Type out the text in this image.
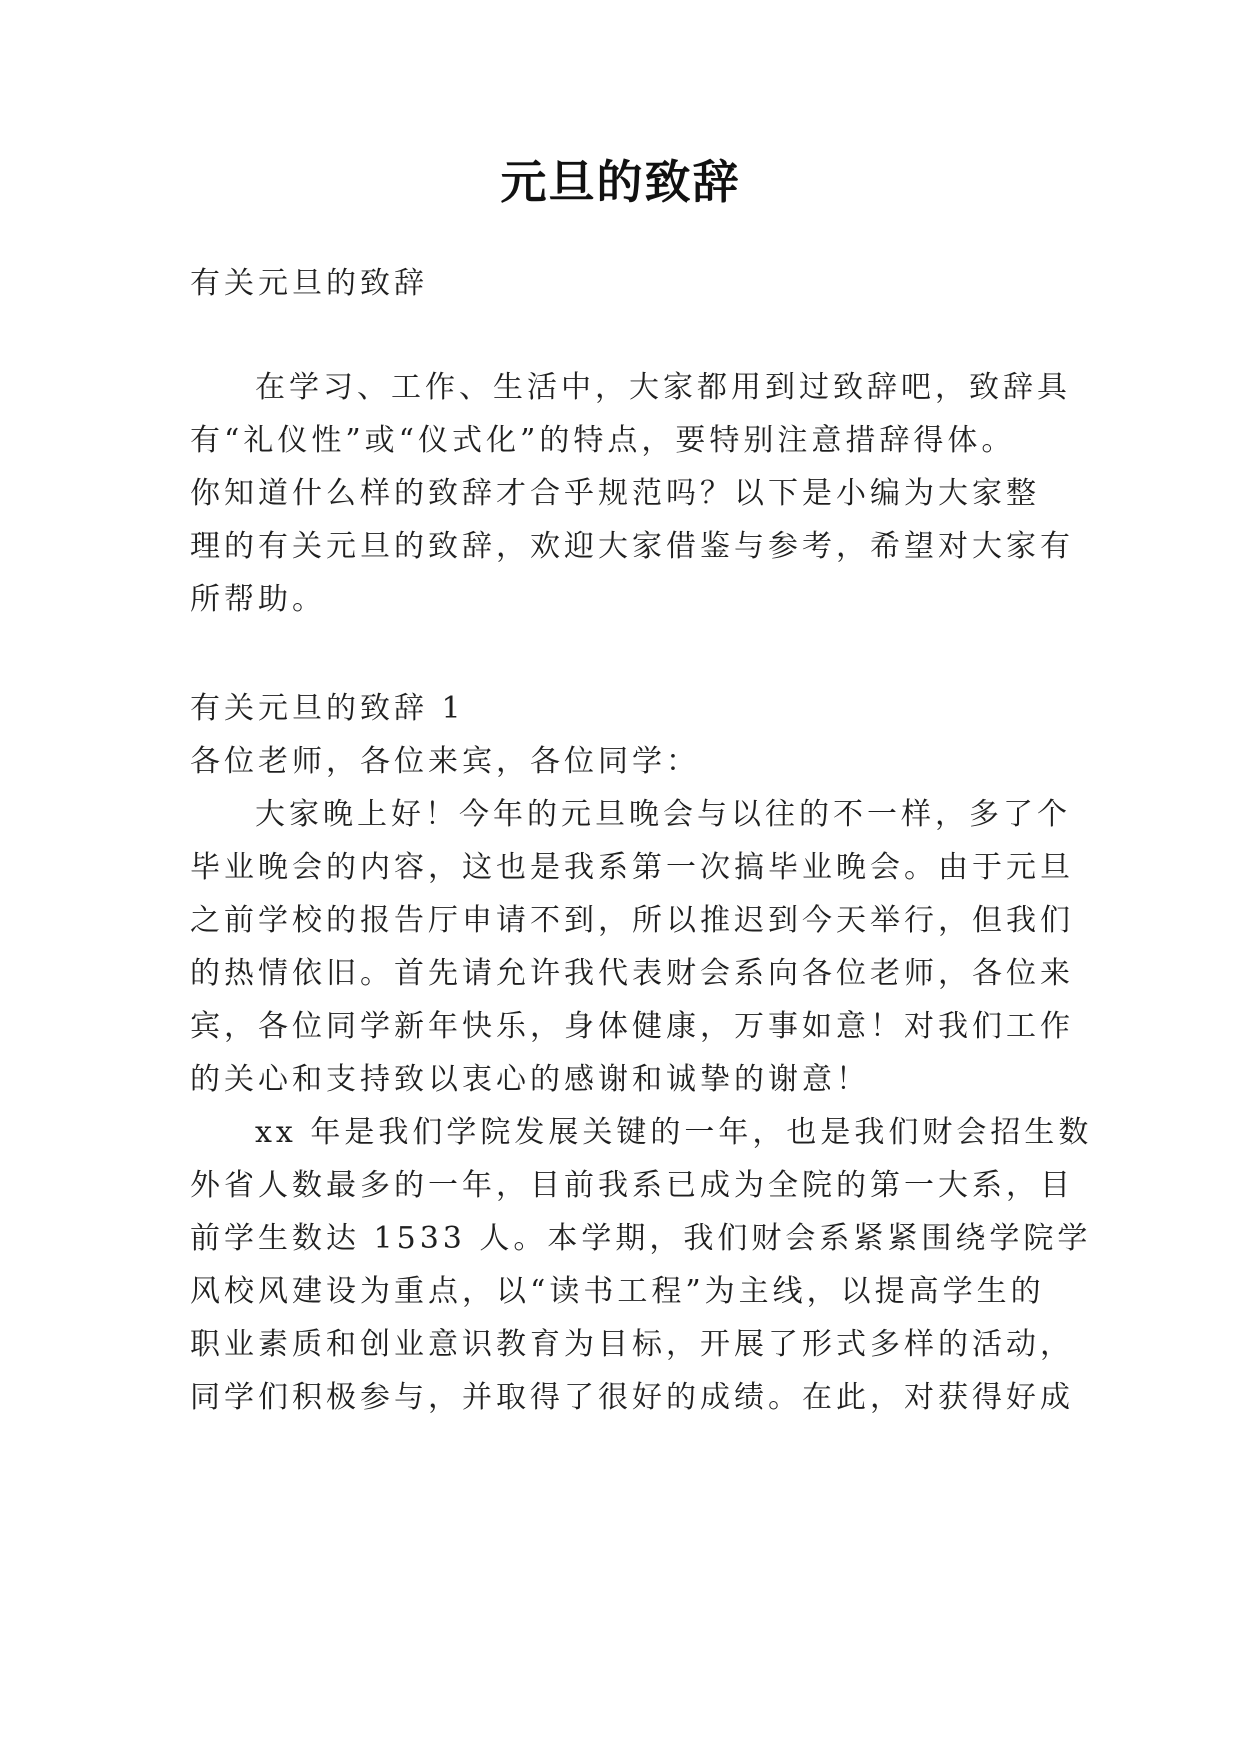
元旦的致辞
有关元旦的致辞
在学习、工作、生活中，大家都用到过致辞吧，致辞具
有“礼仪性”或“仪式化”的特点，要特别注意措辞得体。
你知道什么样的致辞才合乎规范吗？以下是小编为大家整
理的有关元旦的致辞，欢迎大家借鉴与参考，希望对大家有
所帮助。
有关元旦的致辞 1
各位老师，各位来宾，各位同学：
大家晚上好！今年的元旦晚会与以往的不一样，多了个
毕业晚会的内容，这也是我系第一次搞毕业晚会。由于元旦
之前学校的报告厅申请不到，所以推迟到今天举行，但我们
的热情依旧。首先请允许我代表财会系向各位老师，各位来
宾，各位同学新年快乐，身体健康，万事如意！对我们工作
的关心和支持致以衷心的感谢和诚挚的谢意！
xx 年是我们学院发展关键的一年，也是我们财会招生数
外省人数最多的一年，目前我系已成为全院的第一大系，目
前学生数达 1533 人。本学期，我们财会系紧紧围绕学院学
风校风建设为重点，以“读书工程”为主线，以提高学生的
职业素质和创业意识教育为目标，开展了形式多样的活动，
同学们积极参与，并取得了很好的成绩。在此，对获得好成
